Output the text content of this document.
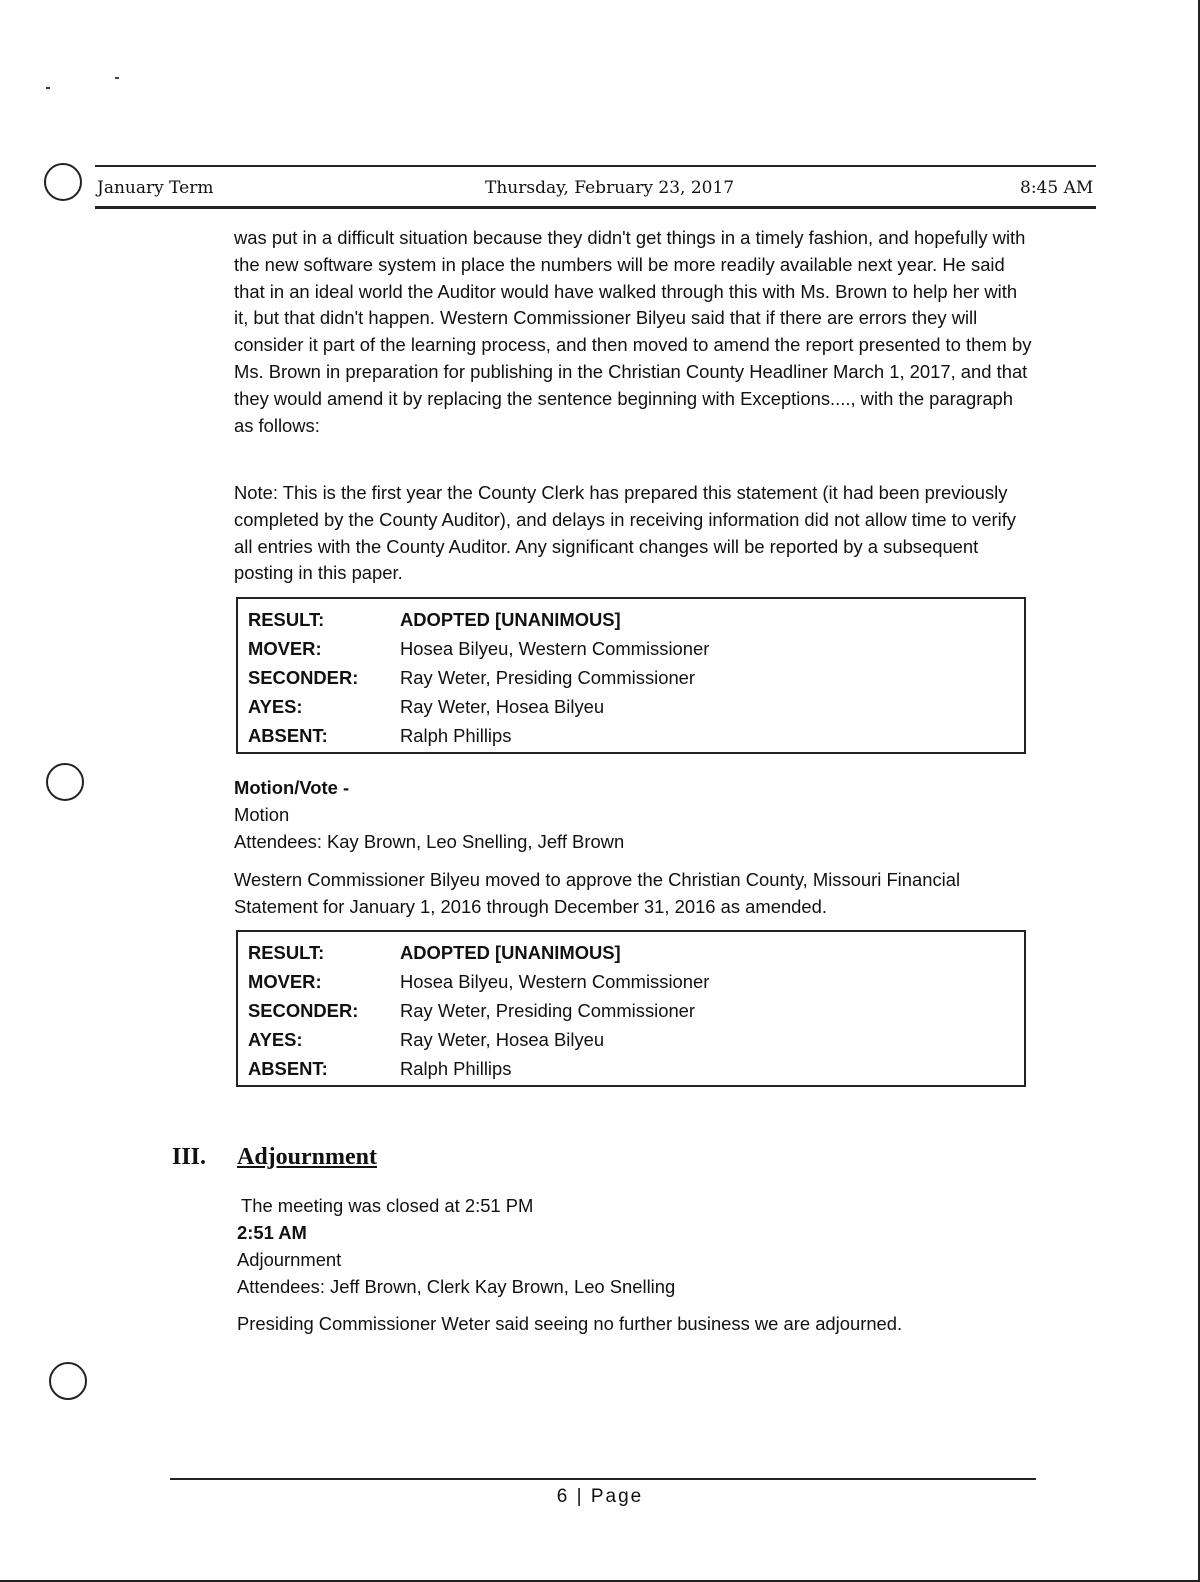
January Term	Thursday, February 23, 2017	8:45 AM

was put in a difficult situation because they didn't get things in a timely fashion, and hopefully with the new software system in place the numbers will be more readily available next year. He said that in an ideal world the Auditor would have walked through this with Ms. Brown to help her with it, but that didn't happen. Western Commissioner Bilyeu said that if there are errors they will consider it part of the learning process, and then moved to amend the report presented to them by Ms. Brown in preparation for publishing in the Christian County Headliner March 1, 2017, and that they would amend it by replacing the sentence beginning with Exceptions...., with the paragraph as follows:

Note: This is the first year the County Clerk has prepared this statement (it had been previously completed by the County Auditor), and delays in receiving information did not allow time to verify all entries with the County Auditor. Any significant changes will be reported by a subsequent posting in this paper.

RESULT:	ADOPTED [UNANIMOUS]
MOVER:	Hosea Bilyeu, Western Commissioner
SECONDER:	Ray Weter, Presiding Commissioner
AYES:	Ray Weter, Hosea Bilyeu
ABSENT:	Ralph Phillips

Motion/Vote -

Motion

Attendees: Kay Brown, Leo Snelling, Jeff Brown

Western Commissioner Bilyeu moved to approve the Christian County, Missouri Financial Statement for January 1, 2016 through December 31, 2016 as amended.

RESULT:	ADOPTED [UNANIMOUS]
MOVER:	Hosea Bilyeu, Western Commissioner
SECONDER:	Ray Weter, Presiding Commissioner
AYES:	Ray Weter, Hosea Bilyeu
ABSENT:	Ralph Phillips
III. Adjournment

The meeting was closed at 2:51 PM

2:51 AM

Adjournment

Attendees: Jeff Brown, Clerk Kay Brown, Leo Snelling

Presiding Commissioner Weter said seeing no further business we are adjourned.

6 | Page
